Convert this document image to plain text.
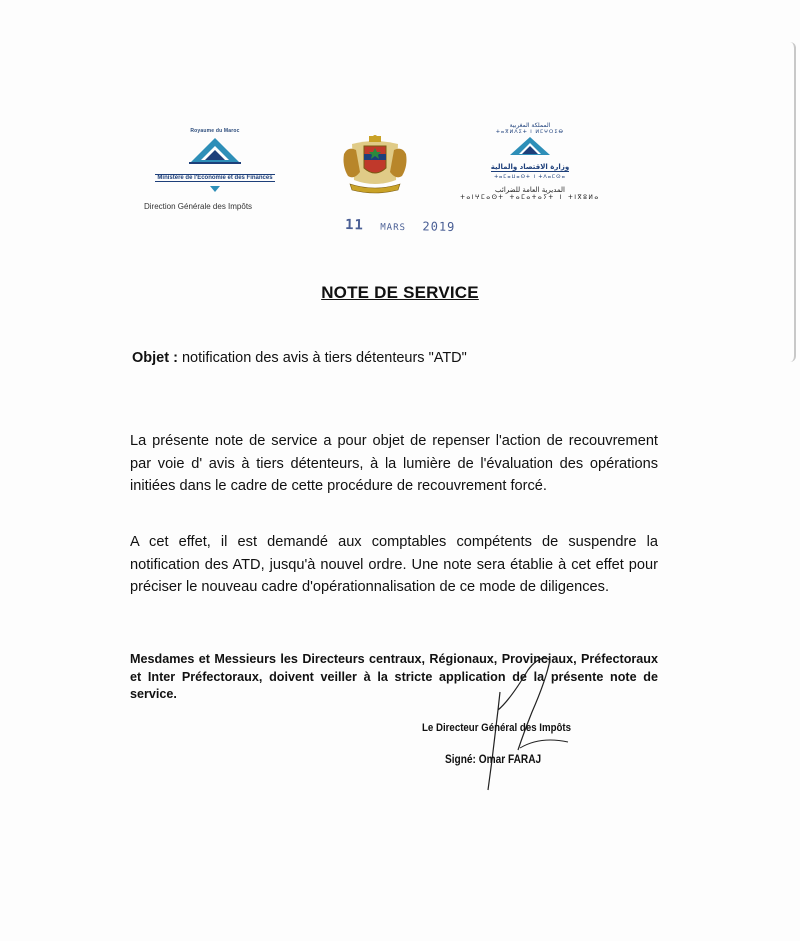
Royaume du Maroc
Ministère de l'Economie et des Finances
Direction Générale des Impôts
المملكة المغربية
ⵜⴰⴳⵍⴷⵉⵜ ⵏ ⵍⵎⵖⵔⵉⴱ
وزارة الاقتصاد والمالية
ⵜⴰⵎⴰⵡⴰⵙⵜ ⵏ ⵜⴷⴰⵎⵙⴰ
المديرية العامة للضرائب
ⵜⴰⵏⵖⵎⴰⵙⵜ ⵜⴰⵎⴰⵜⴰⵢⵜ ⵏ ⵜⵏⴳⵓⵍⴰ
11 MARS 2019
NOTE DE SERVICE
Objet : notification des avis à tiers détenteurs "ATD"
La présente note de service a pour objet de repenser l'action de recouvrement par voie d' avis à tiers détenteurs, à la lumière de l'évaluation des opérations initiées dans le cadre de cette procédure de recouvrement forcé.
A cet effet, il est demandé aux comptables compétents de suspendre la notification des ATD, jusqu'à nouvel ordre. Une note sera établie à cet effet pour préciser le nouveau cadre d'opérationnalisation de ce mode de diligences.
Mesdames et Messieurs les Directeurs centraux, Régionaux, Provinciaux, Préfectoraux et Inter Préfectoraux, doivent veiller à la stricte application de la présente note de service.
Le Directeur Général des Impôts
Signé: Omar FARAJ
